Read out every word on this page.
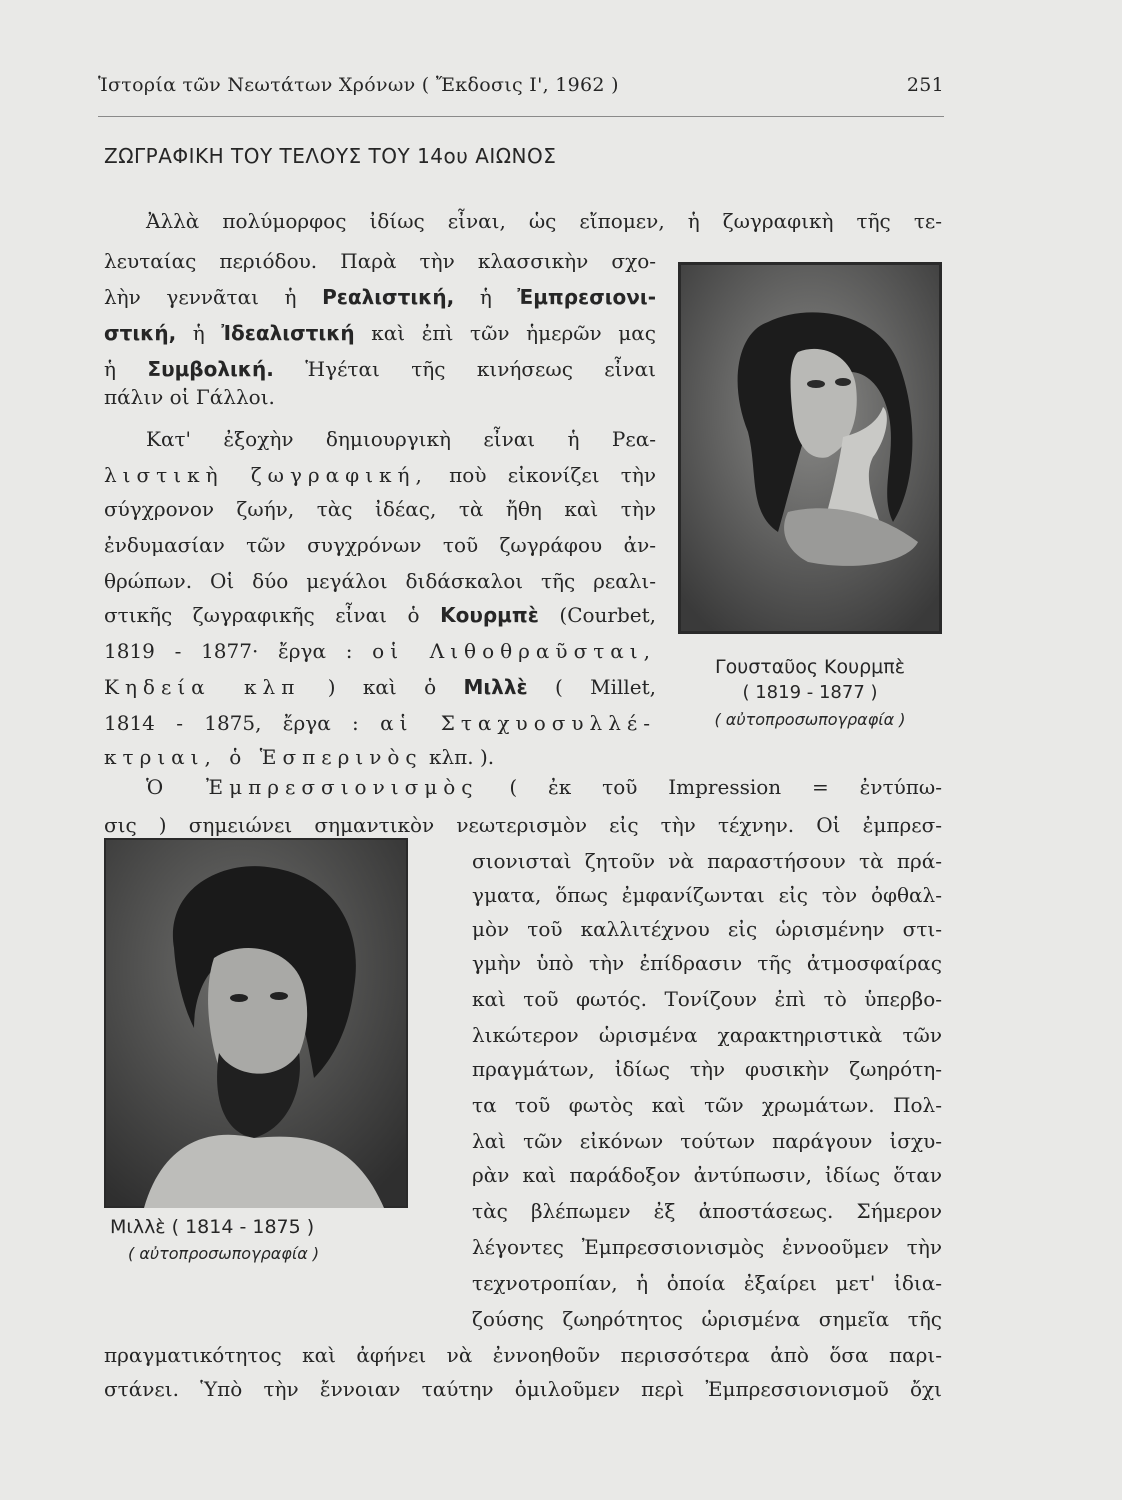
Ἱστορία τῶν Νεωτάτων Χρόνων ( Ἔκδοσις Ι', 1962 )	251
ΖΩΓΡΑΦΙΚΗ ΤΟΥ ΤΕΛΟΥΣ ΤΟΥ 14ου ΑΙΩΝΟΣ
Ἀλλὰ πολύμορφος ἰδίως εἶναι, ὡς εἴπομεν, ἡ ζωγραφικὴ τῆς τε-
λευταίας περιόδου. Παρὰ τὴν κλασσικὴν σχο-
λὴν γεννᾶται ἡ Ρεαλιστική, ἡ Ἐμπρεσιονι-
στική, ἡ Ἰδεαλιστική καὶ ἐπὶ τῶν ἡμερῶν μας
ἡ Συμβολική. Ἡγέται τῆς κινήσεως εἶναι
πάλιν οἱ Γάλλοι.
Κατ' ἐξοχὴν δημιουργικὴ εἶναι ἡ Ρεα-
λιστικὴ ζωγραφική, ποὺ εἰκονίζει τὴν
σύγχρονον ζωήν, τὰς ἰδέας, τὰ ἤθη καὶ τὴν
ἐνδυμασίαν τῶν συγχρόνων τοῦ ζωγράφου ἀν-
θρώπων. Οἱ δύο μεγάλοι διδάσκαλοι τῆς ρεαλι-
στικῆς ζωγραφικῆς εἶναι ὁ Κουρμπὲ (Courbet,
1819 - 1877· ἔργα : οἱ Λιθοθραῦσται,
Κηδεία κλπ ) καὶ ὁ Μιλλὲ ( Millet,
1814 - 1875, ἔργα : αἱ Σταχυοσυλλέ-
κτριαι, ὁ Ἑσπερινὸς κλπ. ).
Ὁ Ἐμπρεσσιονισμὸς ( ἐκ τοῦ Impression = ἐντύπω-
σις ) σημειώνει σημαντικὸν νεωτερισμὸν εἰς τὴν τέχνην. Οἱ ἐμπρεσ-
σιονισταὶ ζητοῦν νὰ παραστήσουν τὰ πρά-
γματα, ὅπως ἐμφανίζωνται εἰς τὸν ὀφθαλ-
μὸν τοῦ καλλιτέχνου εἰς ὡρισμένην στι-
γμὴν ὑπὸ τὴν ἐπίδρασιν τῆς ἀτμοσφαίρας
καὶ τοῦ φωτός. Τονίζουν ἐπὶ τὸ ὑπερβο-
λικώτερον ὡρισμένα χαρακτηριστικὰ τῶν
πραγμάτων, ἰδίως τὴν φυσικὴν ζωηρότη-
τα τοῦ φωτὸς καὶ τῶν χρωμάτων. Πολ-
λαὶ τῶν εἰκόνων τούτων παράγουν ἰσχυ-
ρὰν καὶ παράδοξον ἀντύπωσιν, ἰδίως ὅταν
τὰς βλέπωμεν ἐξ ἀποστάσεως. Σήμερον
λέγοντες Ἐμπρεσσιονισμὸς ἐννοοῦμεν τὴν
τεχνοτροπίαν, ἡ ὁποία ἐξαίρει μετ' ἰδια-
ζούσης ζωηρότητος ὡρισμένα σημεῖα τῆς
πραγματικότητος καὶ ἀφήνει νὰ ἐννοηθοῦν περισσότερα ἀπὸ ὅσα παρι-
στάνει. Ὑπὸ τὴν ἔννοιαν ταύτην ὁμιλοῦμεν περὶ Ἐμπρεσσιονισμοῦ ὄχι
Γουσταῦος Κουρμπὲ
( 1819 - 1877 )
( αὐτοπροσωπογραφία )
Μιλλὲ ( 1814 - 1875 )
( αὐτοπροσωπογραφία )
